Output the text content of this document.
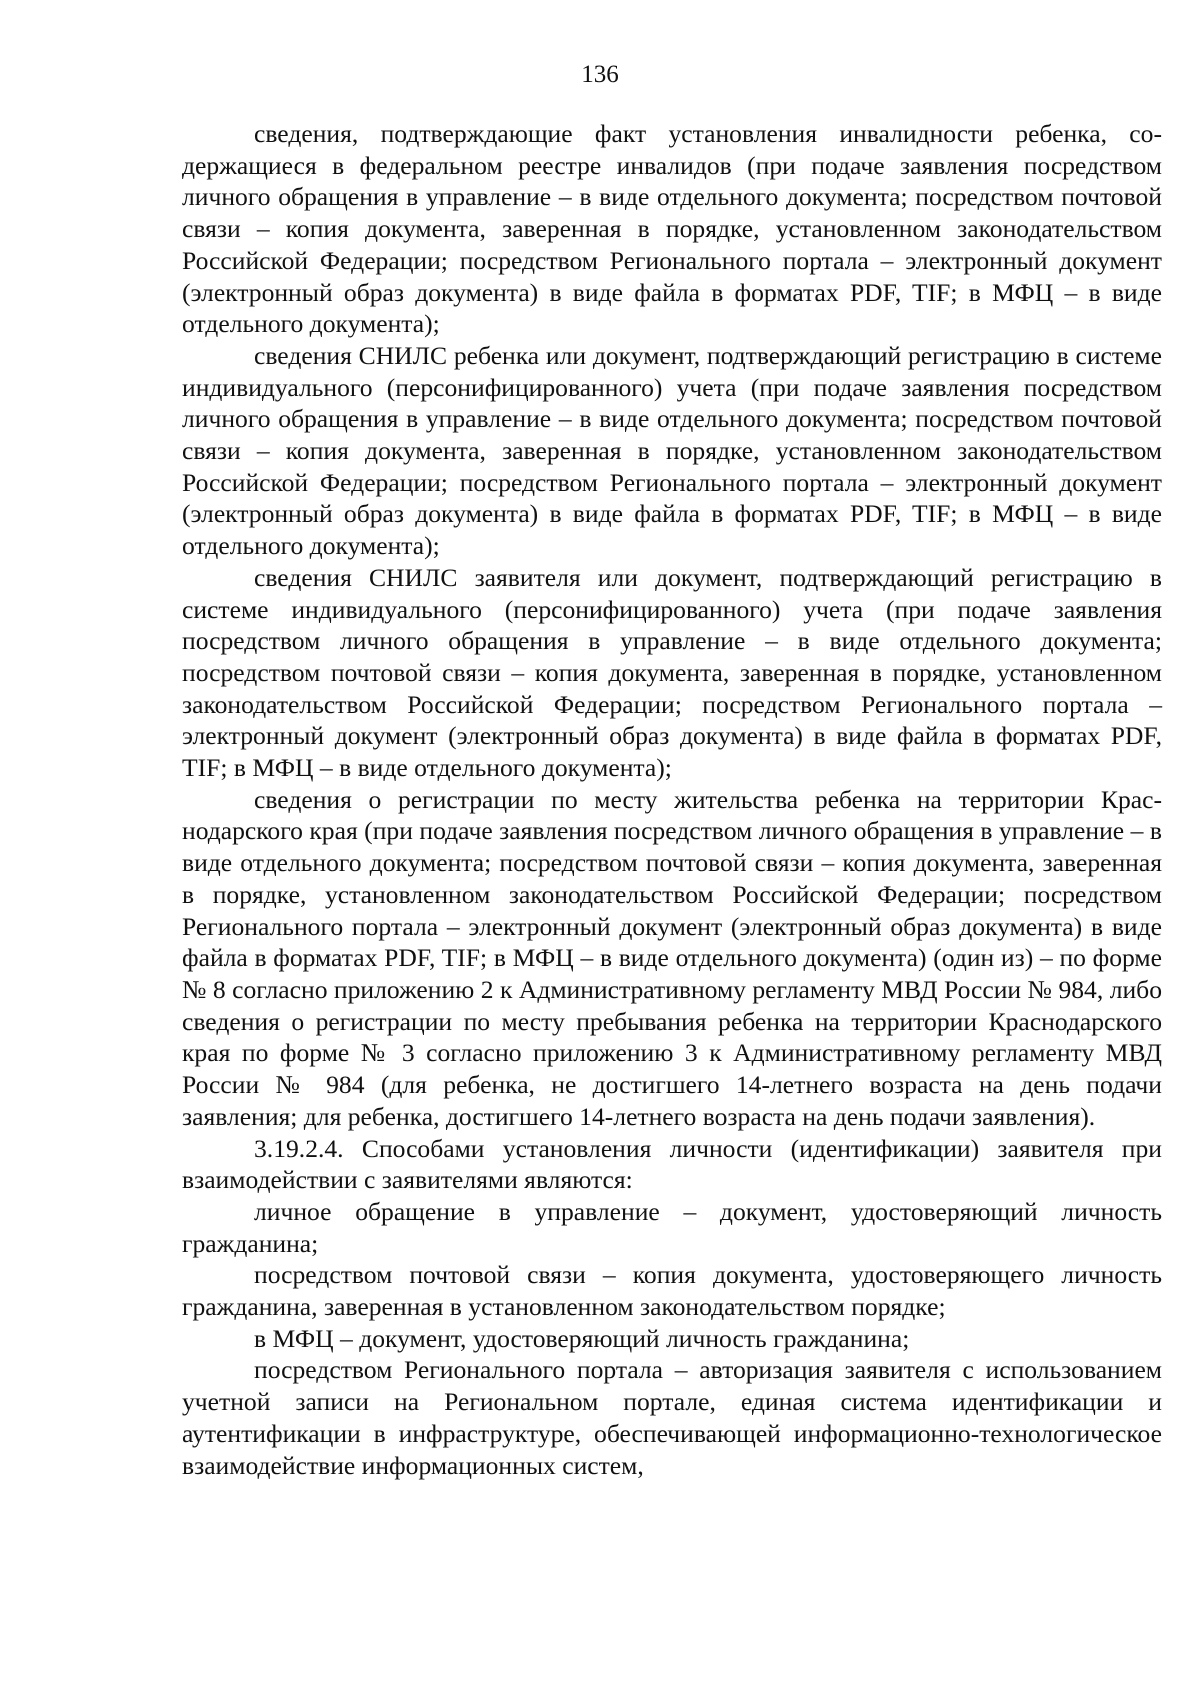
136

сведения, подтверждающие факт установления инвалидности ребенка, содержащиеся в федеральном реестре инвалидов (при подаче заявления посредством личного обращения в управление – в виде отдельного документа; посредством почтовой связи – копия документа, заверенная в порядке, установленном законодательством Российской Федерации; посредством Регионального портала – электронный документ (электронный образ документа) в виде файла в форматах PDF, TIF; в МФЦ – в виде отдельного документа);

сведения СНИЛС ребенка или документ, подтверждающий регистрацию в системе индивидуального (персонифицированного) учета (при подаче заявления посредством личного обращения в управление – в виде отдельного документа; посредством почтовой связи – копия документа, заверенная в порядке, установленном законодательством Российской Федерации; посредством Регионального портала – электронный документ (электронный образ документа) в виде файла в форматах PDF, TIF; в МФЦ – в виде отдельного документа);

сведения СНИЛС заявителя или документ, подтверждающий регистрацию в системе индивидуального (персонифицированного) учета (при подаче заявления посредством личного обращения в управление – в виде отдельного документа; посредством почтовой связи – копия документа, заверенная в порядке, установленном законодательством Российской Федерации; посредством Регионального портала – электронный документ (электронный образ документа) в виде файла в форматах PDF, TIF; в МФЦ – в виде отдельного документа);

сведения о регистрации по месту жительства ребенка на территории Краснодарского края (при подаче заявления посредством личного обращения в управление – в виде отдельного документа; посредством почтовой связи – копия документа, заверенная в порядке, установленном законодательством Российской Федерации; посредством Регионального портала – электронный документ (электронный образ документа) в виде файла в форматах PDF, TIF; в МФЦ – в виде отдельного документа) (один из) – по форме № 8 согласно приложению 2 к Административному регламенту МВД России № 984, либо сведения о регистрации по месту пребывания ребенка на территории Краснодарского края по форме № 3 согласно приложению 3 к Административному регламенту МВД России № 984 (для ребенка, не достигшего 14-летнего возраста на день подачи заявления; для ребенка, достигшего 14-летнего возраста на день подачи заявления).

3.19.2.4. Способами установления личности (идентификации) заявителя при взаимодействии с заявителями являются:

личное обращение в управление – документ, удостоверяющий личность гражданина;

посредством почтовой связи – копия документа, удостоверяющего личность гражданина, заверенная в установленном законодательством порядке;

в МФЦ – документ, удостоверяющий личность гражданина;

посредством Регионального портала – авторизация заявителя с использованием учетной записи на Региональном портале, единая система идентификации и аутентификации в инфраструктуре, обеспечивающей информационно-технологическое взаимодействие информационных систем,
